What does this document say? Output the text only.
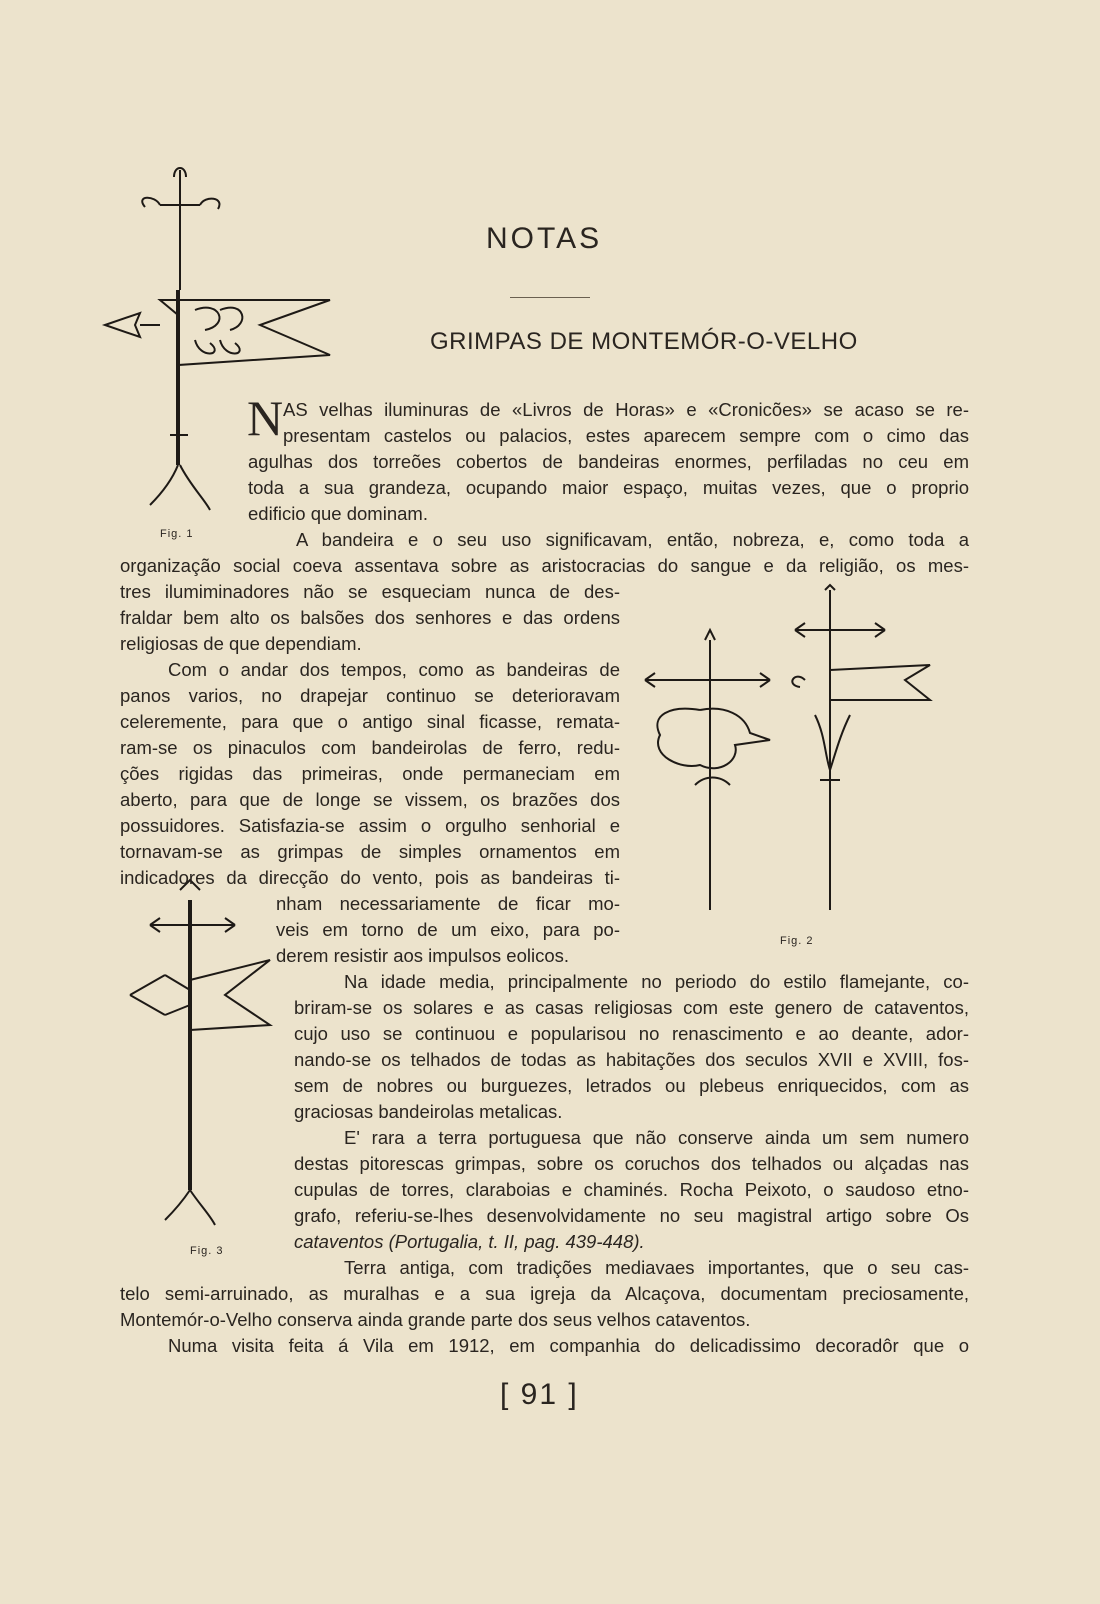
NOTAS
GRIMPAS DE MONTEMÓR-O-VELHO
N AS velhas iluminuras de «Livros de Horas» e «Cronicões» se acaso se re-
presentam castelos ou palacios, estes aparecem sempre com o cimo das
agulhas dos torreões cobertos de bandeiras enormes, perfiladas no ceu em
toda a sua grandeza, ocupando maior espaço, muitas vezes, que o proprio
edificio que dominam.
A bandeira e o seu uso significavam, então, nobreza, e, como toda a
organização social coeva assentava sobre as aristocracias do sangue e da religião, os mes-
tres ilumiminadores não se esqueciam nunca de des-
fraldar bem alto os balsões dos senhores e das ordens
religiosas de que dependiam.
Com o andar dos tempos, como as bandeiras de
panos varios, no drapejar continuo se deterioravam
celeremente, para que o antigo sinal ficasse, remata-
ram-se os pinaculos com bandeirolas de ferro, redu-
ções rigidas das primeiras, onde permaneciam em
aberto, para que de longe se vissem, os brazões dos
possuidores. Satisfazia-se assim o orgulho senhorial e
tornavam-se as grimpas de simples ornamentos em
indicadores da direcção do vento, pois as bandeiras ti-
nham necessariamente de ficar mo-
veis em torno de um eixo, para po-
derem resistir aos impulsos eolicos.
Na idade media, principalmente no periodo do estilo flamejante, co-
briram-se os solares e as casas religiosas com este genero de cataventos,
cujo uso se continuou e popularisou no renascimento e ao deante, ador-
nando-se os telhados de todas as habitações dos seculos XVII e XVIII, fos-
sem de nobres ou burguezes, letrados ou plebeus enriquecidos, com as
graciosas bandeirolas metalicas.
E' rara a terra portuguesa que não conserve ainda um sem numero
destas pitorescas grimpas, sobre os coruchos dos telhados ou alçadas nas
cupulas de torres, claraboias e chaminés. Rocha Peixoto, o saudoso etno-
grafo, referiu-se-lhes desenvolvidamente no seu magistral artigo sobre Os
cataventos (Portugalia, t. II, pag. 439-448).
Terra antiga, com tradições mediavaes importantes, que o seu cas-
telo semi-arruinado, as muralhas e a sua igreja da Alcaçova, documentam preciosamente,
Montemór-o-Velho conserva ainda grande parte dos seus velhos cataventos.
Numa visita feita á Vila em 1912, em companhia do delicadissimo decoradôr que o
Fig. 1
Fig. 2
Fig. 3
[ 91 ]
